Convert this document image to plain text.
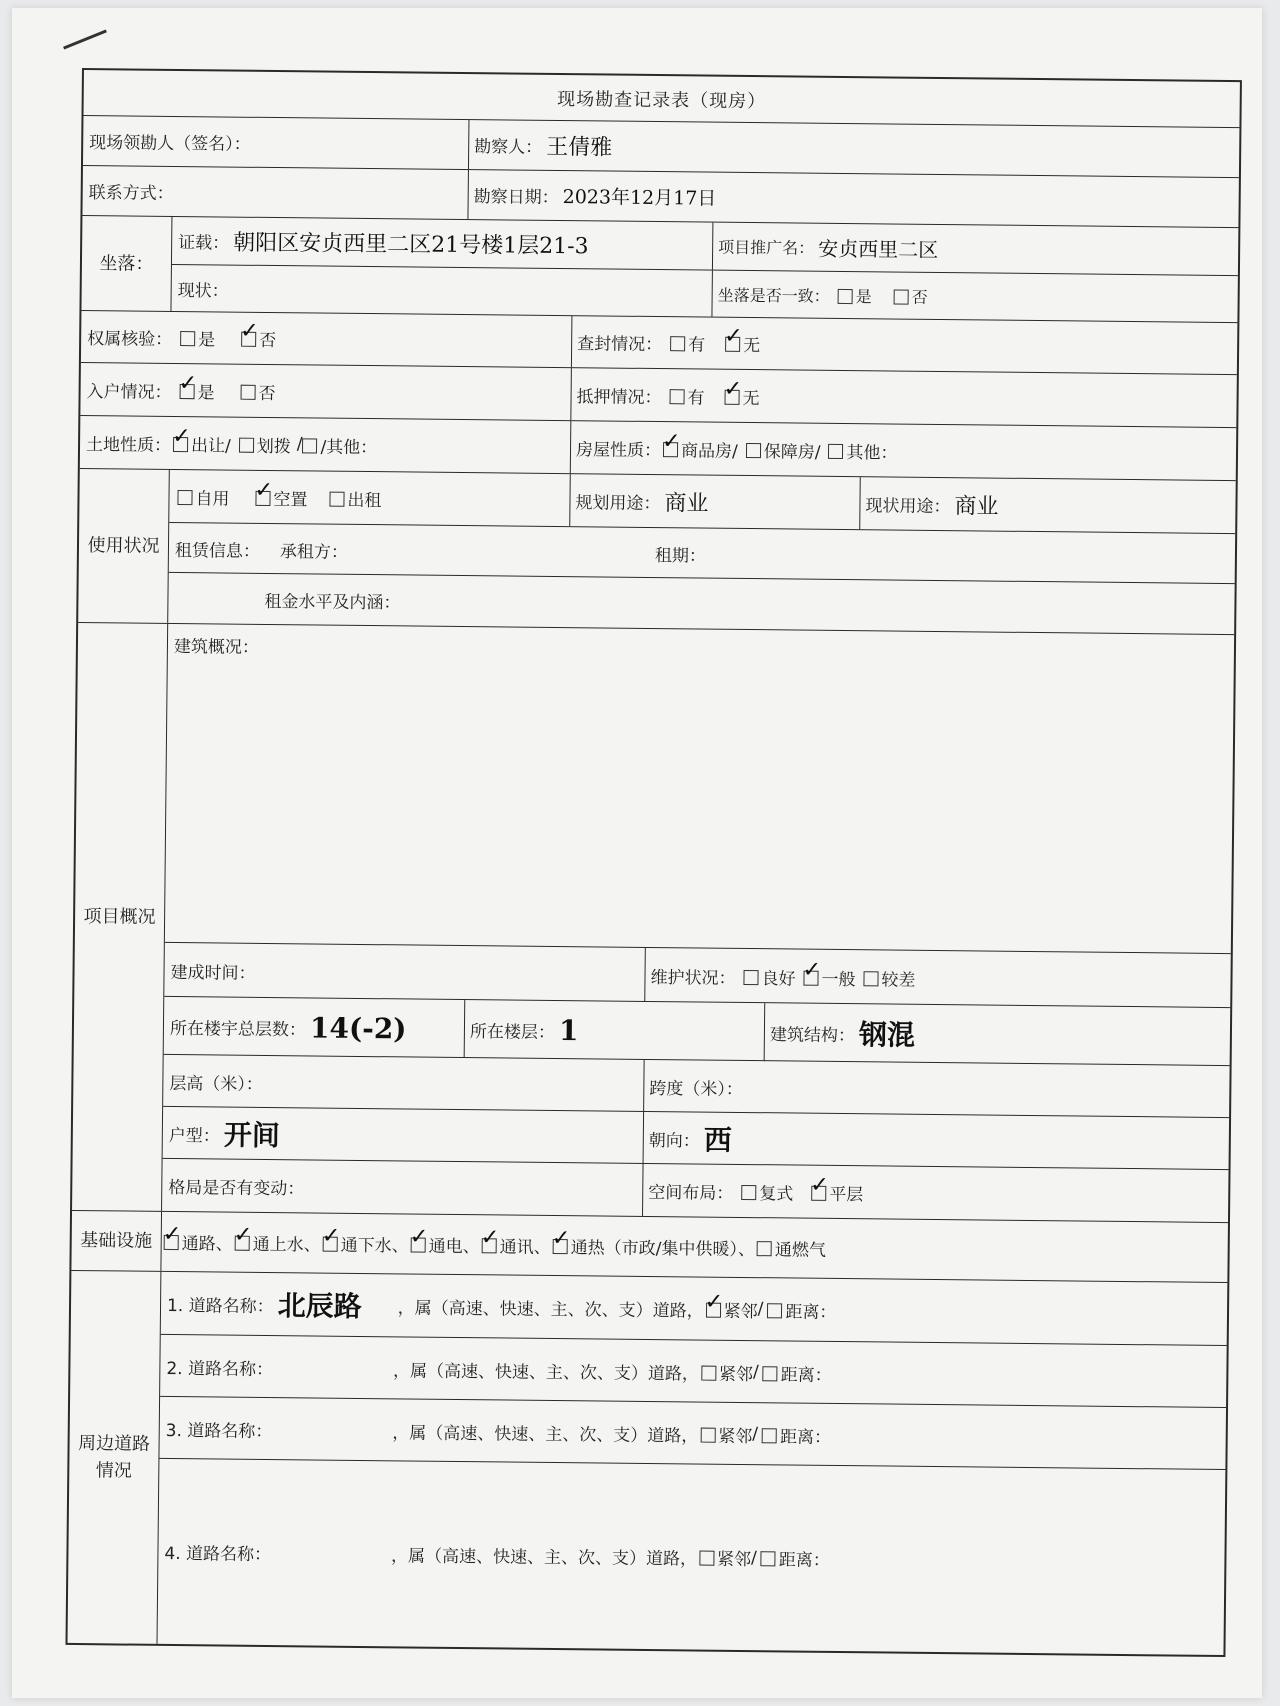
现场勘查记录表（现房）
现场领勘人（签名）：	勘察人： 王倩雅
联系方式：	勘察日期： 2023年12月17日
坐落：
证载： 朝阳区安贞西里二区21号楼1层21-3	项目推广名： 安贞西里二区
现状：	坐落是否一致： 是 否
权属核验： 是 ✓	否	查封情况： 有 ✓ 无
入户情况： ✓ 是	否	抵押情况： 有 ✓ 无
土地性质： ✓ 出让/ 划拨 / /其他：	房屋性质： ✓ 商品房/ 保障房/ 其他：
使用状况
自用 ✓	空置 出租	规划用途： 商业	现状用途： 商业
租赁信息： 承租方：	租期：
租金水平及内涵：
项目概况
建筑概况：
建成时间：	维护状况： 良好 ✓ 一般 较差
所在楼宇总层数： 14(-2)	所在楼层： 1	建筑结构： 钢混
层高（米）：	跨度（米）：
户型： 开间	朝向： 西
格局是否有变动：	空间布局： 复式 ✓ 平层
基础设施 ✓	通路、 ✓ 通上水、 ✓ 通下水、 ✓ 通电、 ✓ 通讯、 ✓ 通热（市政/集中供暖）、 通燃气
周边道路情况
1. 道路名称： 北辰路	，属（高速、快速、主、次、支）道路， ✓ 紧邻 / 距离：
2. 道路名称：	，属（高速、快速、主、次、支）道路， 紧邻 / 距离：
3. 道路名称：	，属（高速、快速、主、次、支）道路， 紧邻 / 距离：
4. 道路名称：	，属（高速、快速、主、次、支）道路， 紧邻 / 距离：
